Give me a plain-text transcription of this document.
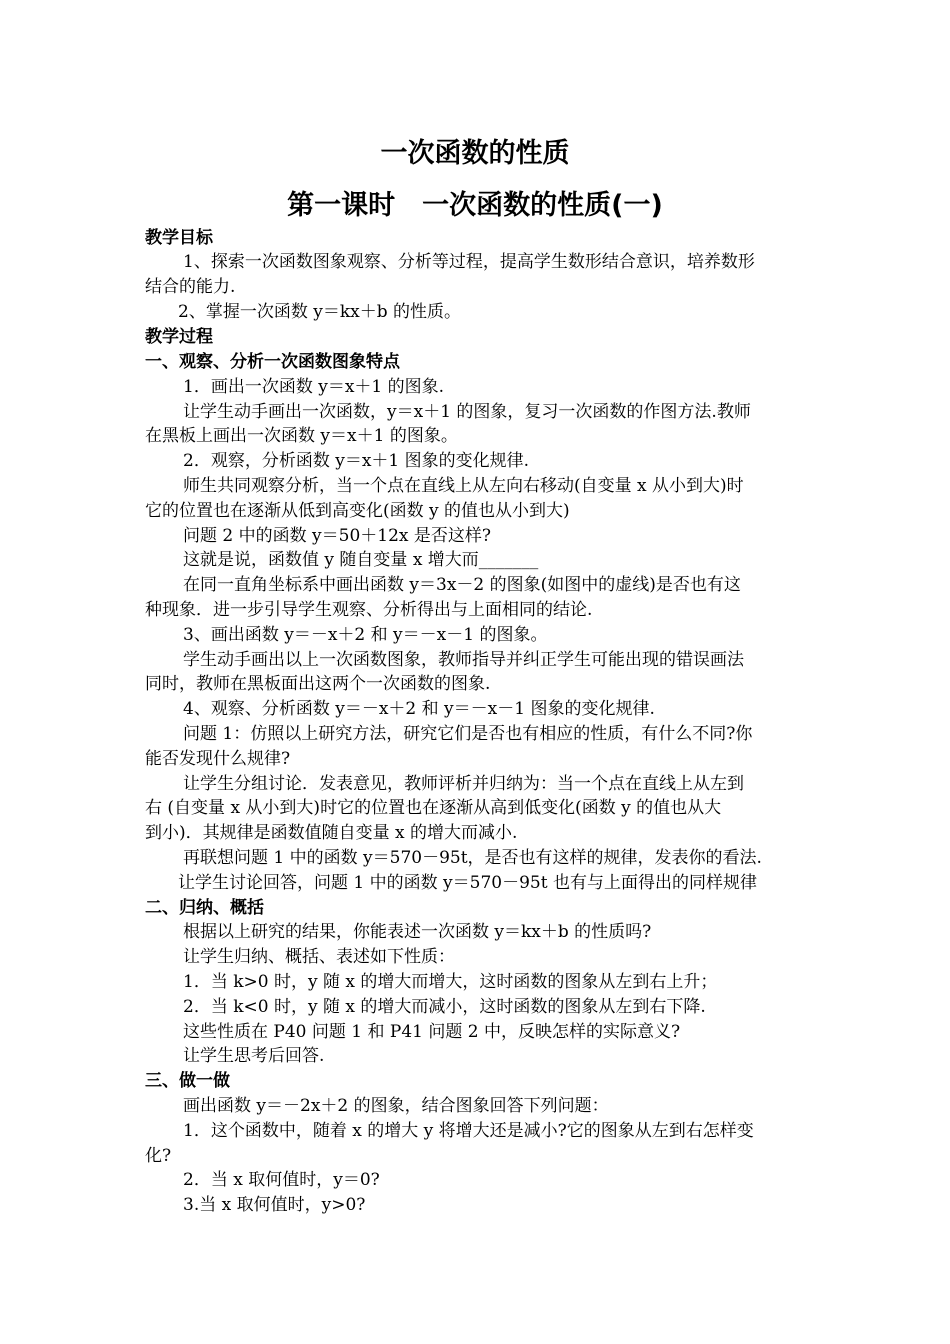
一次函数的性质
第一课时　一次函数的性质(一)
教学目标
1、探索一次函数图象观察、分析等过程，提高学生数形结合意识，培养数形
结合的能力.
2、掌握一次函数 y＝kx＋b 的性质。
教学过程
一、观察、分析一次函数图象特点
1．画出一次函数 y＝x＋1 的图象.
让学生动手画出一次函数，y＝x＋1 的图象，复习一次函数的作图方法.教师
在黑板上画出一次函数 y＝x＋1 的图象。
2．观察，分析函数 y＝x＋1 图象的变化规律.
师生共同观察分析，当一个点在直线上从左向右移动(自变量 x 从小到大)时
它的位置也在逐渐从低到高变化(函数 y 的值也从小到大)
问题 2 中的函数 y＝50＋12x 是否这样?
这就是说，函数值 y 随自变量 x 增大而_______
在同一直角坐标系中画出函数 y＝3x－2 的图象(如图中的虚线)是否也有这
种现象．进一步引导学生观察、分析得出与上面相同的结论.
3、画出函数 y＝－x＋2 和 y＝－x－1 的图象。
学生动手画出以上一次函数图象，教师指导并纠正学生可能出现的错误画法
同时，教师在黑板面出这两个一次函数的图象.
4、观察、分析函数 y＝－x＋2 和 y＝－x－1 图象的变化规律.
问题 1：仿照以上研究方法，研究它们是否也有相应的性质，有什么不同?你
能否发现什么规律?
让学生分组讨论．发表意见，教师评析并归纳为：当一个点在直线上从左到
右 (自变量 x 从小到大)时它的位置也在逐渐从高到低变化(函数 y 的值也从大
到小)．其规律是函数值随自变量 x 的增大而减小.
再联想问题 1 中的函数 y＝570－95t，是否也有这样的规律，发表你的看法.
让学生讨论回答，问题 1 中的函数 y＝570－95t 也有与上面得出的同样规律
二、归纳、概括
根据以上研究的结果，你能表述一次函数 y＝kx＋b 的性质吗?
让学生归纳、概括、表述如下性质：
1．当 k>0 时，y 随 x 的增大而增大，这时函数的图象从左到右上升；
2．当 k<0 时，y 随 x 的增大而减小，这时函数的图象从左到右下降.
这些性质在 P40 问题 1 和 P41 问题 2 中，反映怎样的实际意义?
让学生思考后回答.
三、做一做
画出函数 y＝－2x＋2 的图象，结合图象回答下列问题：
1．这个函数中，随着 x 的增大 y 将增大还是减小?它的图象从左到右怎样变
化?
2．当 x 取何值时，y＝0?
3.当 x 取何值时，y>0?
